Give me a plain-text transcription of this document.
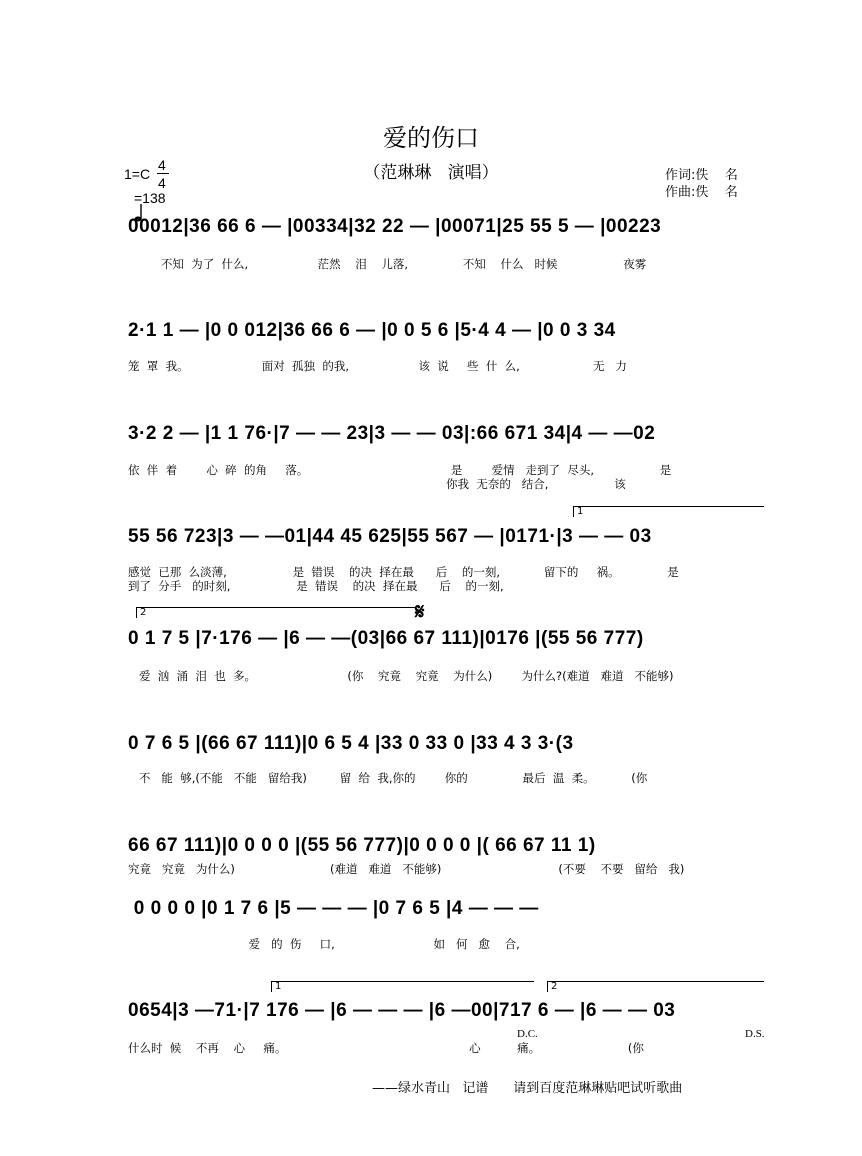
爱的伤口
（范琳琳   演唱）	作词:佚    名
作曲:佚    名
1=C
4
4

=138
00012|36 66 6 — |00334|32 22 — |00071|25 55 5 — |00223
不知  为了  什么,                   茫然    泪    儿落,               不知    什么   时候                  夜雾
2·1 1 — |0 0 012|36 66 6 — |0 0 5 6 |5·4 4 — |0 0 3 34
笼  罩  我。                    面对  孤独  的我,                   该  说     些  什  么,                    无   力
3·2 2 — |1 1 76·|7 — — 23|3 — — 03|:66 671 34|4 — —02
依  伴  着        心  碎  的角     落。                                       是        爱情   走到了  尽头,                  是
你我  无奈的   结合,                  该
1
55 56 723|3 — —01|44 45 625|55 567 — |0171·|3 — — 03
感觉  已那  么淡薄,                  是  错误    的决  择在最      后    的一刻,            留下的     祸。             是
到了  分手   的时刻,                  是  错误    的决  择在最      后    的一刻,
2	𝄋
0 1 7 5 |7·176 — |6 — —(03|66 67 111)|0176 |(55 56 777)
爱  汹  涌  泪  也  多。                         (你    究竟    究竟    为什么)        为什么?(难道   难道   不能够)
0 7 6 5 |(66 67 111)|0 6 5 4 |33 0 33 0 |33 4 3 3·(3
不   能  够,(不能   不能   留给我)         留  给  我,你的        你的               最后  温  柔。          (你
66 67 111)|0 0 0 0 |(55 56 777)|0 0 0 0 |( 66 67 11 1)
究竟   究竟   为什么)                          (难道   难道   不能够)                                (不要    不要   留给   我)
0 0 0 0 |0 1 7 6 |5 — — — |0 7 6 5 |4 — — —
爱   的  伤     口,                           如   何   愈    合,
1	2
0654|3 —71·|7 176 — |6 — — — |6 —00|717 6 — |6 — — 03
D.C.	D.S.
什么时  候    不再    心     痛。                                                  心          痛。                        (你
——绿水青山   记谱      请到百度范琳琳贴吧试听歌曲
